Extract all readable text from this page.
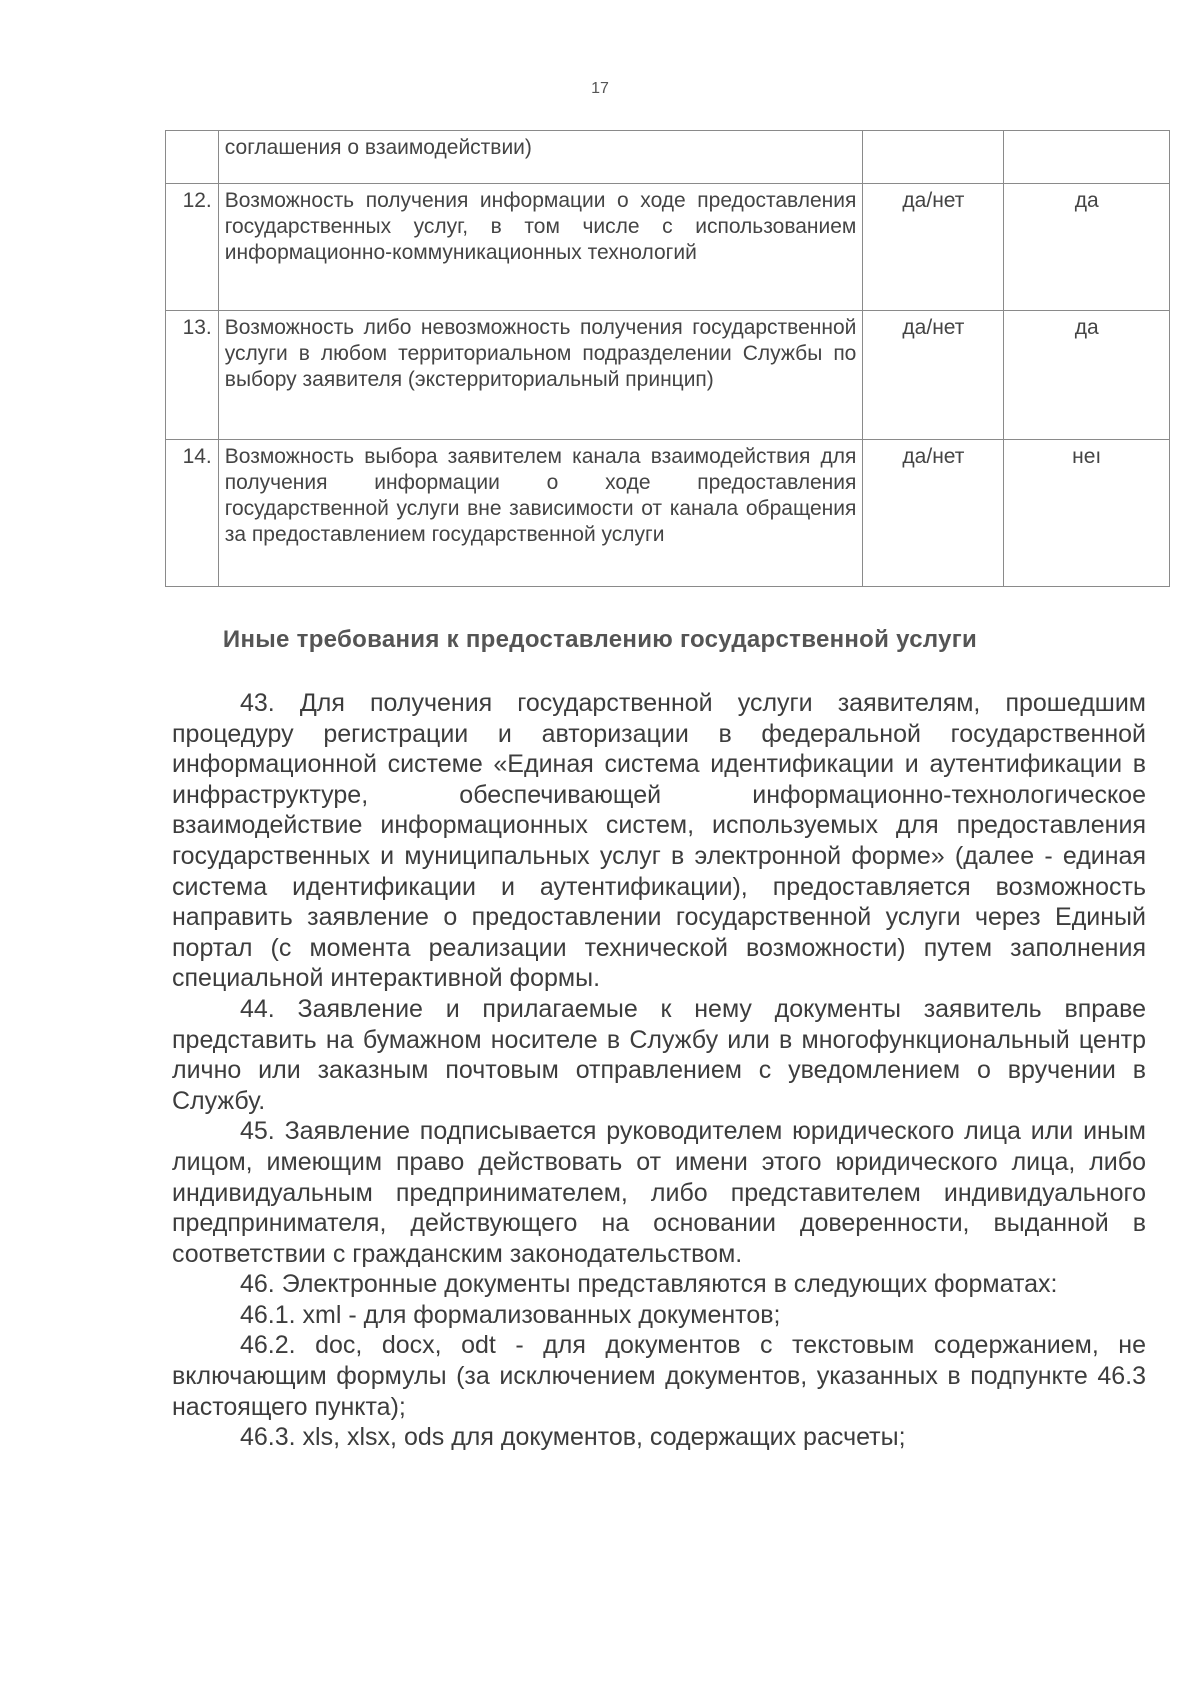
17
	соглашения о взаимодействии)		
12.	Возможность получения информации о ходе предоставления государственных услуг, в том числе с использованием информационно-коммуникационных технологий	да/нет	да
13.	Возможность либо невозможность получения государственной услуги в любом территориальном подразделении Службы по выбору заявителя (экстерриториальный принцип)	да/нет	да
14.	Возможность выбора заявителем канала взаимодействия для получения информации о ходе предоставления государственной услуги вне зависимости от канала обращения за предоставлением государственной услуги	да/нет	неı
Иные требования к предоставлению государственной услуги

43. Для получения государственной услуги заявителям, прошедшим процедуру регистрации и авторизации в федеральной государственной информационной системе «Единая система идентификации и аутентификации в инфраструктуре, обеспечивающей информационно-технологическое взаимодействие информационных систем, используемых для предоставления государственных и муниципальных услуг в электронной форме» (далее - единая система идентификации и аутентификации), предоставляется возможность направить заявление о предоставлении государственной услуги через Единый портал (с момента реализации технической возможности) путем заполнения специальной интерактивной формы.

44. Заявление и прилагаемые к нему документы заявитель вправе представить на бумажном носителе в Службу или в многофункциональный центр лично или заказным почтовым отправлением с уведомлением о вручении в Службу.

45. Заявление подписывается руководителем юридического лица или иным лицом, имеющим право действовать от имени этого юридического лица, либо индивидуальным предпринимателем, либо представителем индивидуального предпринимателя, действующего на основании доверенности, выданной в соответствии с гражданским законодательством.

46. Электронные документы представляются в следующих форматах:

46.1. xml - для формализованных документов;

46.2. doc, docx, odt - для документов с текстовым содержанием, не включающим формулы (за исключением документов, указанных в подпункте 46.3 настоящего пункта);

46.3. xls, xlsx, ods для документов, содержащих расчеты;
